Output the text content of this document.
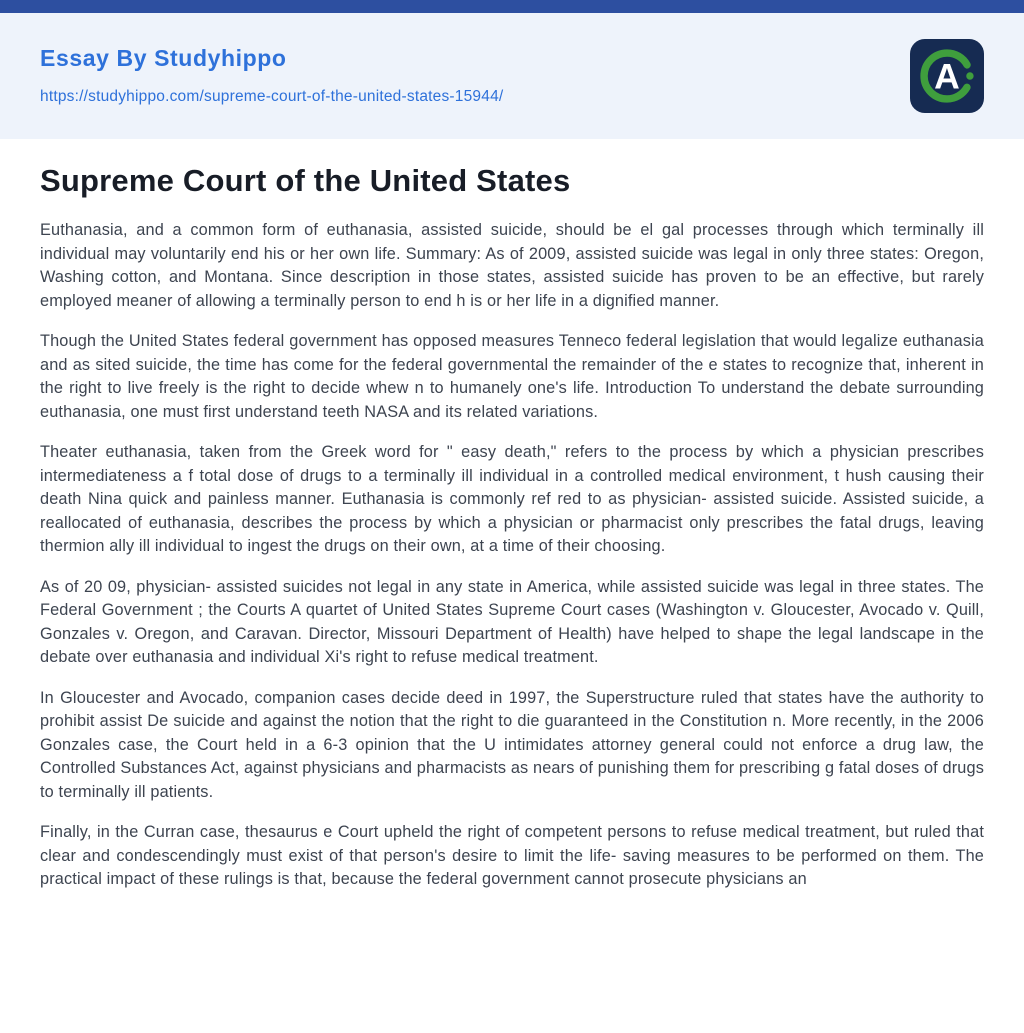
Essay By Studyhippo
https://studyhippo.com/supreme-court-of-the-united-states-15944/	A
Supreme Court of the United States

Euthanasia, and a common form of euthanasia, assisted suicide, should be el gal processes through which terminally ill individual may voluntarily end his or her own life. Summary: As of 2009, assisted suicide was legal in only three states: Oregon, Washing cotton, and Montana. Since description in those states, assisted suicide has proven to be an effective, but rarely employed meaner of allowing a terminally person to end h is or her life in a dignified manner.

Though the United States federal government has opposed measures Tenneco federal legislation that would legalize euthanasia and as sited suicide, the time has come for the federal governmental the remainder of the e states to recognize that, inherent in the right to live freely is the right to decide whew n to humanely one's life. Introduction To understand the debate surrounding euthanasia, one must first understand teeth NASA and its related variations.

Theater euthanasia, taken from the Greek word for " easy death," refers to the process by which a physician prescribes intermediateness a f total dose of drugs to a terminally ill individual in a controlled medical environment, t hush causing their death Nina quick and painless manner. Euthanasia is commonly ref red to as physician- assisted suicide. Assisted suicide, a reallocated of euthanasia, describes the process by which a physician or pharmacist only prescribes the fatal drugs, leaving thermion ally ill individual to ingest the drugs on their own, at a time of their choosing.

As of 20 09, physician- assisted suicides not legal in any state in America, while assisted suicide was legal in three states. The Federal Government ; the Courts A quartet of United States Supreme Court cases (Washington v. Gloucester, Avocado v. Quill, Gonzales v. Oregon, and Caravan. Director, Missouri Department of Health) have helped to shape the legal landscape in the debate over euthanasia and individual Xi's right to refuse medical treatment.

In Gloucester and Avocado, companion cases decide deed in 1997, the Superstructure ruled that states have the authority to prohibit assist De suicide and against the notion that the right to die guaranteed in the Constitution n. More recently, in the 2006 Gonzales case, the Court held in a 6-3 opinion that the U intimidates attorney general could not enforce a drug law, the Controlled Substances Act, against physicians and pharmacists as nears of punishing them for prescribing g fatal doses of drugs to terminally ill patients.

Finally, in the Curran case, thesaurus e Court upheld the right of competent persons to refuse medical treatment, but ruled that clear and condescendingly must exist of that person's desire to limit the life- saving measures to be performed on them. The practical impact of these rulings is that, because the federal government cannot prosecute physicians an
